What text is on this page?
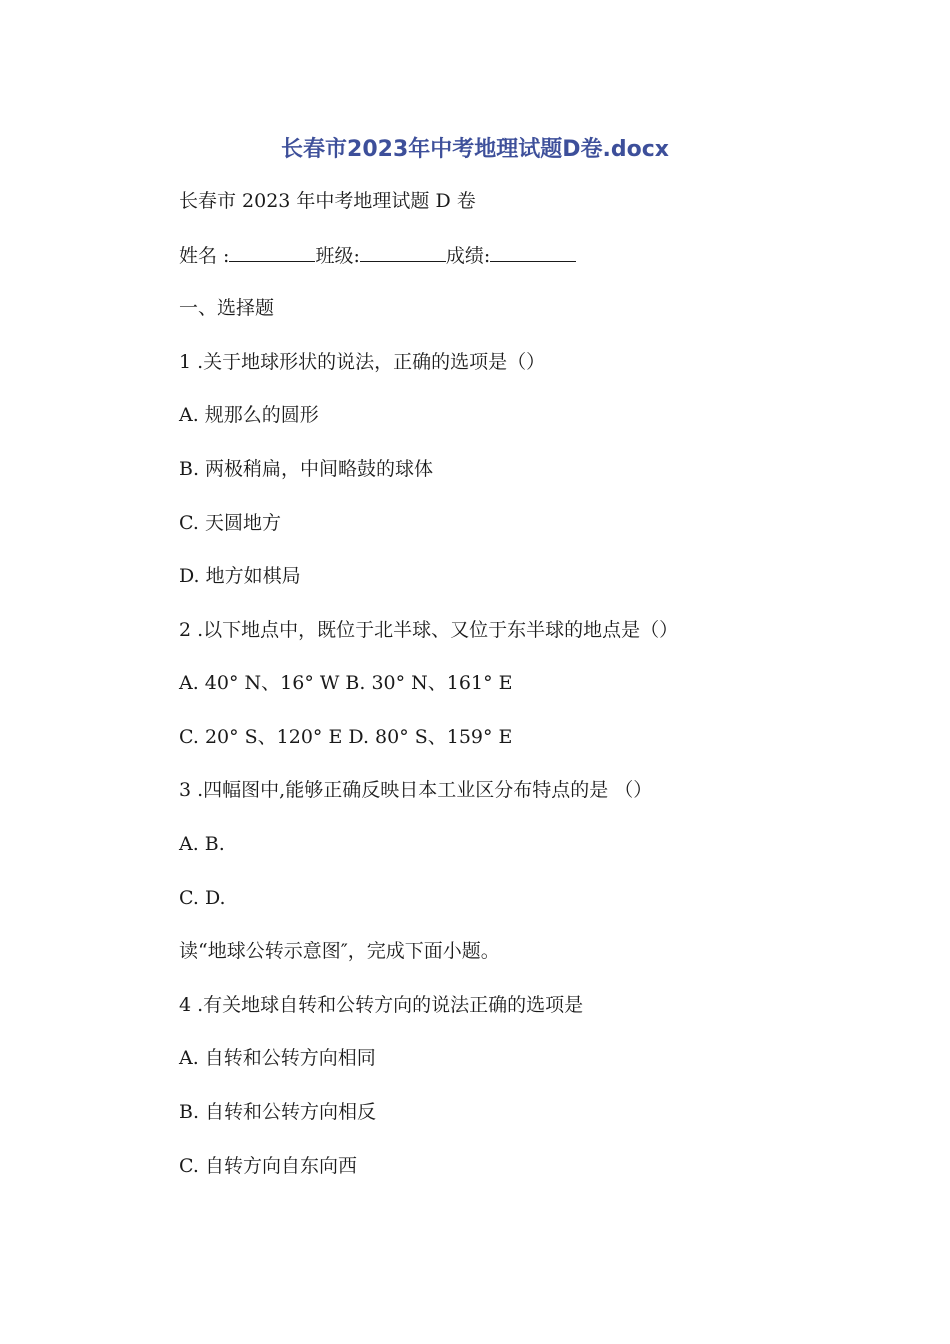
长春市2023年中考地理试题D卷.docx

长春市 2023 年中考地理试题 D 卷

姓名 :	班级:	成绩:

一、选择题

1 .关于地球形状的说法，正确的选项是（）

A. 规那么的圆形

B. 两极稍扁，中间略鼓的球体

C. 天圆地方

D. 地方如棋局

2 .以下地点中，既位于北半球、又位于东半球的地点是（）

A. 40° N、16° W B. 30° N、161° E

C. 20° S、120° E D. 80° S、159° E

3 .四幅图中,能够正确反映日本工业区分布特点的是 （）

A. B.

C. D.

读“地球公转示意图″，完成下面小题。

4 .有关地球自转和公转方向的说法正确的选项是

A. 自转和公转方向相同

B. 自转和公转方向相反

C. 自转方向自东向西
